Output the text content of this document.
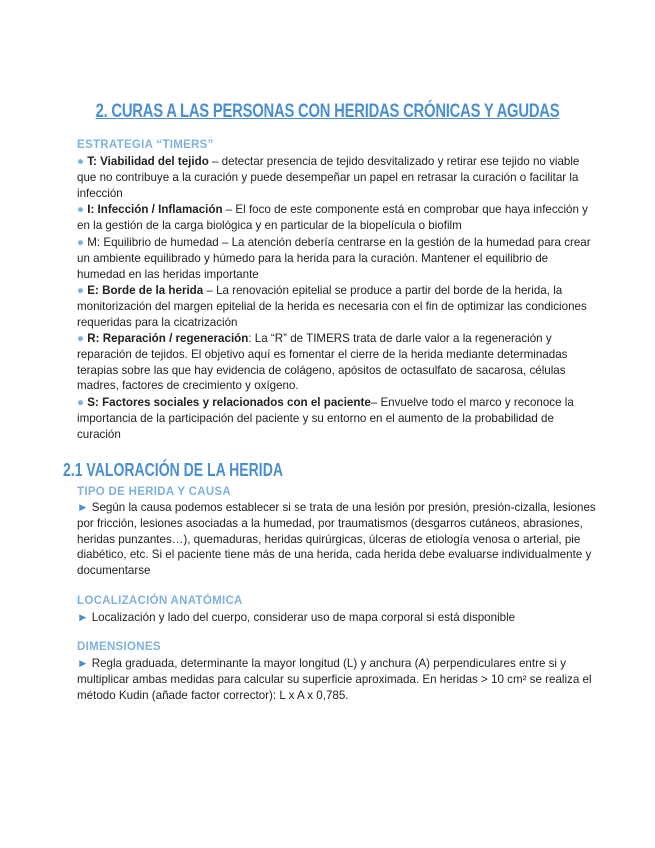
2. CURAS A LAS PERSONAS CON HERIDAS CRÓNICAS Y AGUDAS
ESTRATEGIA “TIMERS”
● T: Viabilidad del tejido – detectar presencia de tejido desvitalizado y retirar ese tejido no viable que no contribuye a la curación y puede desempeñar un papel en retrasar la curación o facilitar la infección
● I: Infección / Inflamación – El foco de este componente está en comprobar que haya infección y en la gestión de la carga biológica y en particular de la biopelícula o biofilm
● M: Equilibrio de humedad – La atención debería centrarse en la gestión de la humedad para crear un ambiente equilibrado y húmedo para la herida para la curación. Mantener el equilibrio de humedad en las heridas importante
● E: Borde de la herida – La renovación epitelial se produce a partir del borde de la herida, la monitorización del margen epitelial de la herida es necesaria con el fin de optimizar las condiciones requeridas para la cicatrización
● R: Reparación / regeneración: La “R” de TIMERS trata de darle valor a la regeneración y reparación de tejidos. El objetivo aquí es fomentar el cierre de la herida mediante determinadas terapias sobre las que hay evidencia de colágeno, apósitos de octasulfato de sacarosa, células madres, factores de crecimiento y oxígeno.
● S: Factores sociales y relacionados con el paciente– Envuelve todo el marco y reconoce la importancia de la participación del paciente y su entorno en el aumento de la probabilidad de curación
2.1 VALORACIÓN DE LA HERIDA
TIPO DE HERIDA Y CAUSA
► Según la causa podemos establecer si se trata de una lesión por presión, presión-cizalla, lesiones por fricción, lesiones asociadas a la humedad, por traumatismos (desgarros cutáneos, abrasiones, heridas punzantes…), quemaduras, heridas quirúrgicas, úlceras de etiología venosa o arterial, pie diabético, etc. Si el paciente tiene más de una herida, cada herida debe evaluarse individualmente y documentarse
LOCALIZACIÓN ANATÓMICA
► Localización y lado del cuerpo, considerar uso de mapa corporal si está disponible
DIMENSIONES
► Regla graduada, determinante la mayor longitud (L) y anchura (A) perpendiculares entre si y multiplicar ambas medidas para calcular su superficie aproximada. En heridas > 10 cm² se realiza el método Kudin (añade factor corrector): L x A x 0,785.
